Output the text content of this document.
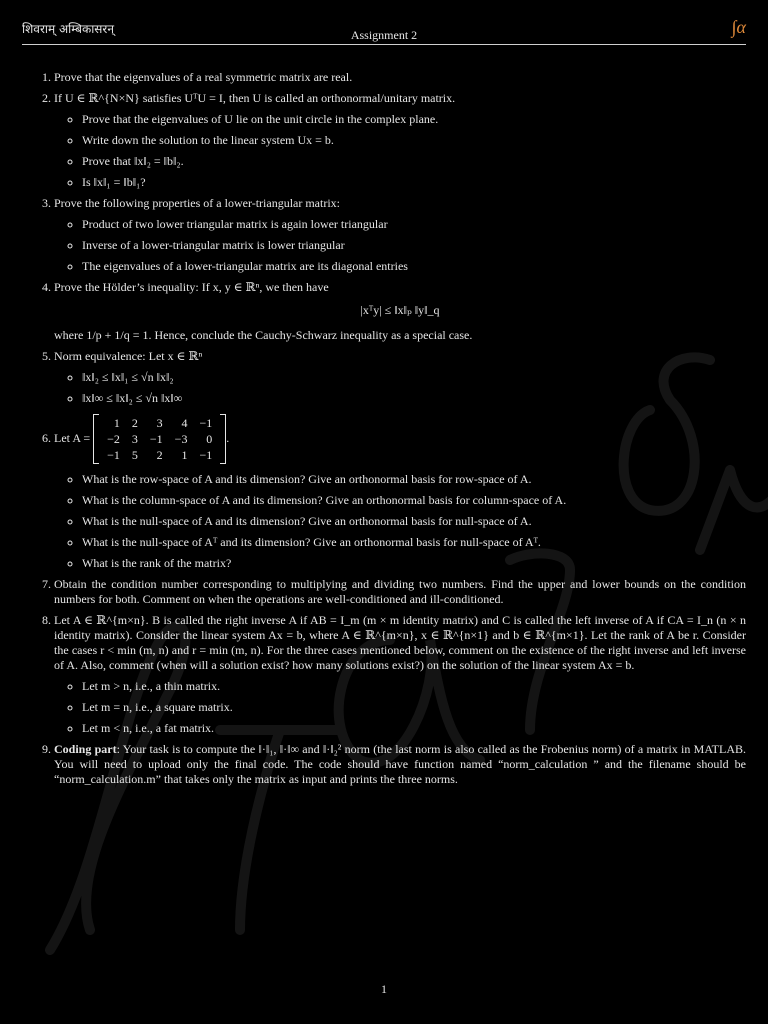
शिवराम् अम्बिकासरन्	Assignment 2	∫α
1. Prove that the eigenvalues of a real symmetric matrix are real.
2. If U ∈ ℝ^{N×N} satisfies UᵀU = I, then U is called an orthonormal/unitary matrix.
◦ Prove that the eigenvalues of U lie on the unit circle in the complex plane.
◦ Write down the solution to the linear system Ux = b.
◦ Prove that ‖x‖₂ = ‖b‖₂.
◦ Is ‖x‖₁ = ‖b‖₁?
3. Prove the following properties of a lower-triangular matrix:
◦ Product of two lower triangular matrix is again lower triangular
◦ Inverse of a lower-triangular matrix is lower triangular
◦ The eigenvalues of a lower-triangular matrix are its diagonal entries
4. Prove the Hölder’s inequality: If x, y ∈ ℝⁿ, we then have
|xᵀy| ≤ ‖x‖ₚ ‖y‖_q
where 1/p + 1/q = 1. Hence, conclude the Cauchy-Schwarz inequality as a special case.
5. Norm equivalence: Let x ∈ ℝⁿ
◦ ‖x‖₂ ≤ ‖x‖₁ ≤ √n ‖x‖₂
◦ ‖x‖∞ ≤ ‖x‖₂ ≤ √n ‖x‖∞
6. Let A =
1	2	3	4	−1
−2	3	−1	−3	0
−1	5	2	1	−1
.
◦ What is the row-space of A and its dimension? Give an orthonormal basis for row-space of A.
◦ What is the column-space of A and its dimension? Give an orthonormal basis for column-space of A.
◦ What is the null-space of A and its dimension? Give an orthonormal basis for null-space of A.
◦ What is the null-space of Aᵀ and its dimension? Give an orthonormal basis for null-space of Aᵀ.
◦ What is the rank of the matrix?
7. Obtain the condition number corresponding to multiplying and dividing two numbers. Find the upper and lower bounds on the condition numbers for both. Comment on when the operations are well-conditioned and ill-conditioned.
8. Let A ∈ ℝ^{m×n}. B is called the right inverse A if AB = I_m (m × m identity matrix) and C is called the left inverse of A if CA = I_n (n × n identity matrix). Consider the linear system Ax = b, where A ∈ ℝ^{m×n}, x ∈ ℝ^{n×1} and b ∈ ℝ^{m×1}. Let the rank of A be r. Consider the cases r < min (m, n) and r = min (m, n). For the three cases mentioned below, comment on the existence of the right inverse and left inverse of A. Also, comment (when will a solution exist? how many solutions exist?) on the solution of the linear system Ax = b.
◦ Let m > n, i.e., a thin matrix.
◦ Let m = n, i.e., a square matrix.
◦ Let m < n, i.e., a fat matrix.
9. Coding part: Your task is to compute the ‖·‖₁, ‖·‖∞ and ‖·‖₂² norm (the last norm is also called as the Frobenius norm) of a matrix in MATLAB. You will need to upload only the final code. The code should have function named “norm_calculation ” and the filename should be “norm_calculation.m” that takes only the matrix as input and prints the three norms.
1
